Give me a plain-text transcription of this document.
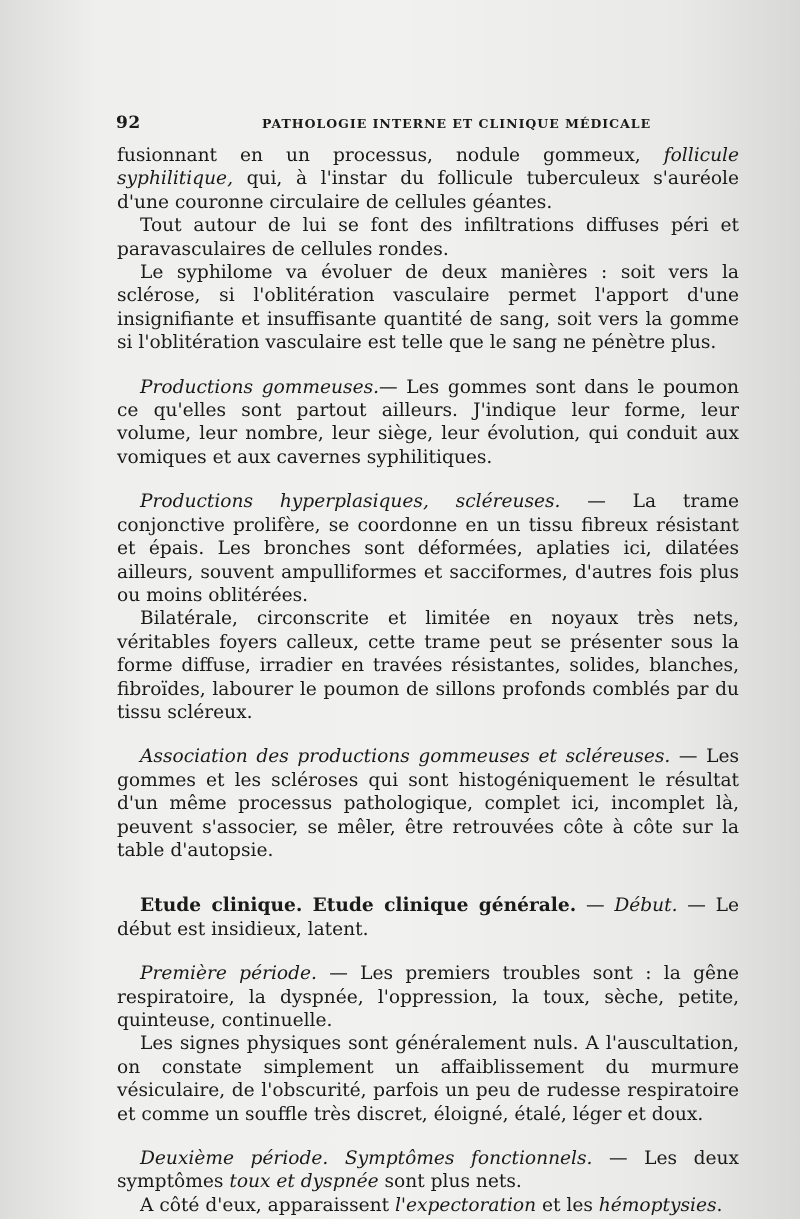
92	PATHOLOGIE INTERNE ET CLINIQUE MÉDICALE

fusionnant en un processus, nodule gommeux, follicule syphilitique, qui, à l'instar du follicule tuberculeux s'auréole d'une couronne circulaire de cellules géantes.

Tout autour de lui se font des infiltrations diffuses péri et paravasculaires de cellules rondes.

Le syphilome va évoluer de deux manières : soit vers la sclérose, si l'oblitération vasculaire permet l'apport d'une insignifiante et insuffisante quantité de sang, soit vers la gomme si l'oblitération vasculaire est telle que le sang ne pénètre plus.

Productions gommeuses.— Les gommes sont dans le poumon ce qu'elles sont partout ailleurs. J'indique leur forme, leur volume, leur nombre, leur siège, leur évolution, qui conduit aux vomiques et aux cavernes syphilitiques.

Productions hyperplasiques, scléreuses. — La trame conjonctive prolifère, se coordonne en un tissu fibreux résistant et épais. Les bronches sont déformées, aplaties ici, dilatées ailleurs, souvent ampulliformes et sacciformes, d'autres fois plus ou moins oblitérées.

Bilatérale, circonscrite et limitée en noyaux très nets, véritables foyers calleux, cette trame peut se présenter sous la forme diffuse, irradier en travées résistantes, solides, blanches, fibroïdes, labourer le poumon de sillons profonds comblés par du tissu scléreux.

Association des productions gommeuses et scléreuses. — Les gommes et les scléroses qui sont histogéniquement le résultat d'un même processus pathologique, complet ici, incomplet là, peuvent s'associer, se mêler, être retrouvées côte à côte sur la table d'autopsie.

Etude clinique. Etude clinique générale. — Début. — Le début est insidieux, latent.

Première période. — Les premiers troubles sont : la gêne respiratoire, la dyspnée, l'oppression, la toux, sèche, petite, quinteuse, continuelle.

Les signes physiques sont généralement nuls. A l'auscultation, on constate simplement un affaiblissement du murmure vésiculaire, de l'obscurité, parfois un peu de rudesse respiratoire et comme un souffle très discret, éloigné, étalé, léger et doux.

Deuxième période. Symptômes fonctionnels. — Les deux symptômes toux et dyspnée sont plus nets.

A côté d'eux, apparaissent l'expectoration et les hémoptysies.
